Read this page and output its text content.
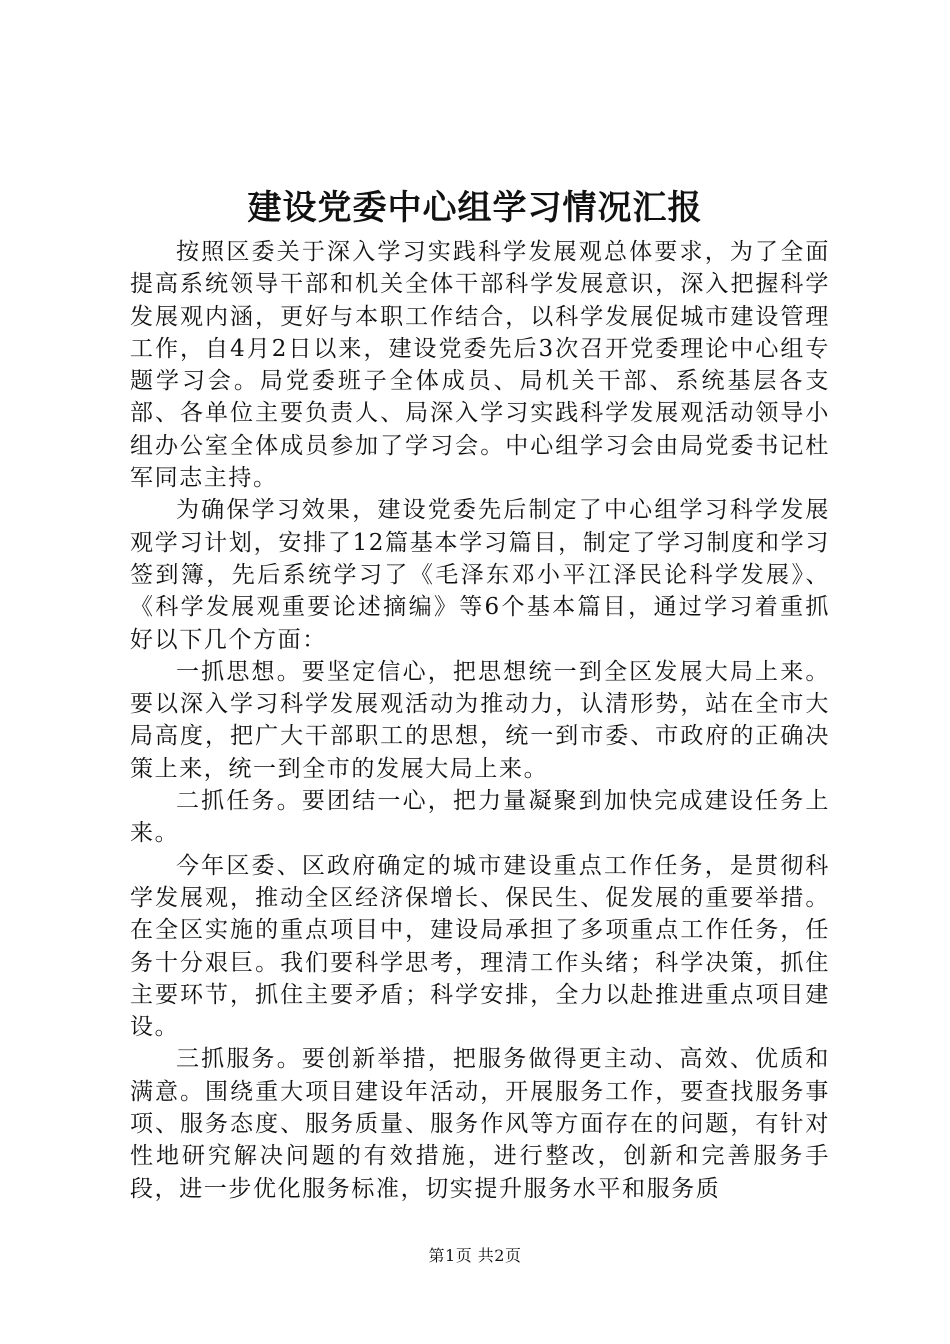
建设党委中心组学习情况汇报

按照区委关于深入学习实践科学发展观总体要求，为了全面提高系统领导干部和机关全体干部科学发展意识，深入把握科学发展观内涵，更好与本职工作结合，以科学发展促城市建设管理工作，自4月2日以来，建设党委先后3次召开党委理论中心组专题学习会。局党委班子全体成员、局机关干部、系统基层各支部、各单位主要负责人、局深入学习实践科学发展观活动领导小组办公室全体成员参加了学习会。中心组学习会由局党委书记杜军同志主持。

为确保学习效果，建设党委先后制定了中心组学习科学发展观学习计划，安排了12篇基本学习篇目，制定了学习制度和学习签到簿，先后系统学习了《毛泽东邓小平江泽民论科学发展》、《科学发展观重要论述摘编》等6个基本篇目，通过学习着重抓好以下几个方面：

一抓思想。要坚定信心，把思想统一到全区发展大局上来。要以深入学习科学发展观活动为推动力，认清形势，站在全市大局高度，把广大干部职工的思想，统一到市委、市政府的正确决策上来，统一到全市的发展大局上来。

二抓任务。要团结一心，把力量凝聚到加快完成建设任务上来。

今年区委、区政府确定的城市建设重点工作任务，是贯彻科学发展观，推动全区经济保增长、保民生、促发展的重要举措。在全区实施的重点项目中，建设局承担了多项重点工作任务，任务十分艰巨。我们要科学思考，理清工作头绪；科学决策，抓住主要环节，抓住主要矛盾；科学安排，全力以赴推进重点项目建设。

三抓服务。要创新举措，把服务做得更主动、高效、优质和满意。围绕重大项目建设年活动，开展服务工作，要查找服务事项、服务态度、服务质量、服务作风等方面存在的问题，有针对性地研究解决问题的有效措施，进行整改，创新和完善服务手段，进一步优化服务标准，切实提升服务水平和服务质

第1页 共2页
